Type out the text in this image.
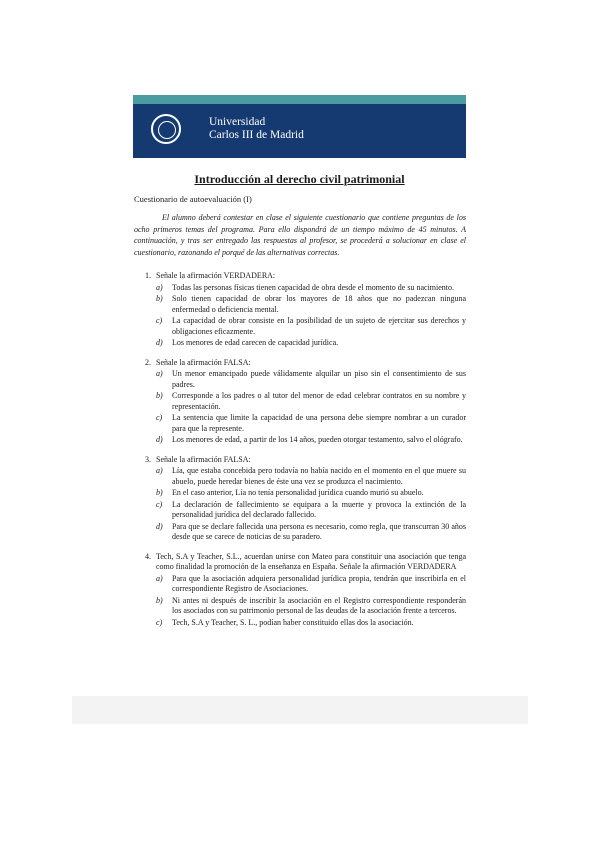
Universidad
Carlos III de Madrid
Introducción al derecho civil patrimonial
Cuestionario de autoevaluación (I)
El alumno deberá contestar en clase el siguiente cuestionario que contiene preguntas de los ocho primeros temas del programa. Para ello dispondrá de un tiempo máximo de 45 minutos. A continuación, y tras ser entregado las respuestas al profesor, se procederá a solucionar en clase el cuestionario, razonando el porqué de las alternativas correctas.
1. Señale la afirmación VERDADERA:
a)	Todas las personas físicas tienen capacidad de obra desde el momento de su nacimiento.
b)	Solo tienen capacidad de obrar los mayores de 18 años que no padezcan ninguna enfermedad o deficiencia mental.
c)	La capacidad de obrar consiste en la posibilidad de un sujeto de ejercitar sus derechos y obligaciones eficazmente.
d)	Los menores de edad carecen de capacidad jurídica.
2. Señale la afirmación FALSA:
a)	Un menor emancipado puede válidamente alquilar un piso sin el consentimiento de sus padres.
b)	Corresponde a los padres o al tutor del menor de edad celebrar contratos en su nombre y representación.
c)	La sentencia que limite la capacidad de una persona debe siempre nombrar a un curador para que la represente.
d)	Los menores de edad, a partir de los 14 años, pueden otorgar testamento, salvo el ológrafo.
3. Señale la afirmación FALSA:
a)	Lía, que estaba concebida pero todavía no había nacido en el momento en el que muere su abuelo, puede heredar bienes de éste una vez se produzca el nacimiento.
b)	En el caso anterior, Lía no tenía personalidad jurídica cuando murió su abuelo.
c)	La declaración de fallecimiento se equipara a la muerte y provoca la extinción de la personalidad jurídica del declarado fallecido.
d)	Para que se declare fallecida una persona es necesario, como regla, que transcurran 30 años desde que se carece de noticias de su paradero.
4. Tech, S.A y Teacher, S.L., acuerdan unirse con Mateo para constituir una asociación que tenga como finalidad la promoción de la enseñanza en España. Señale la afirmación VERDADERA
a)	Para que la asociación adquiera personalidad jurídica propia, tendrán que inscribirla en el correspondiente Registro de Asociaciones.
b)	Ni antes ni después de inscribir la asociación en el Registro correspondiente responderán los asociados con su patrimonio personal de las deudas de la asociación frente a terceros.
c)	Tech, S.A y Teacher, S. L., podían haber constituido ellas dos la asociación.
